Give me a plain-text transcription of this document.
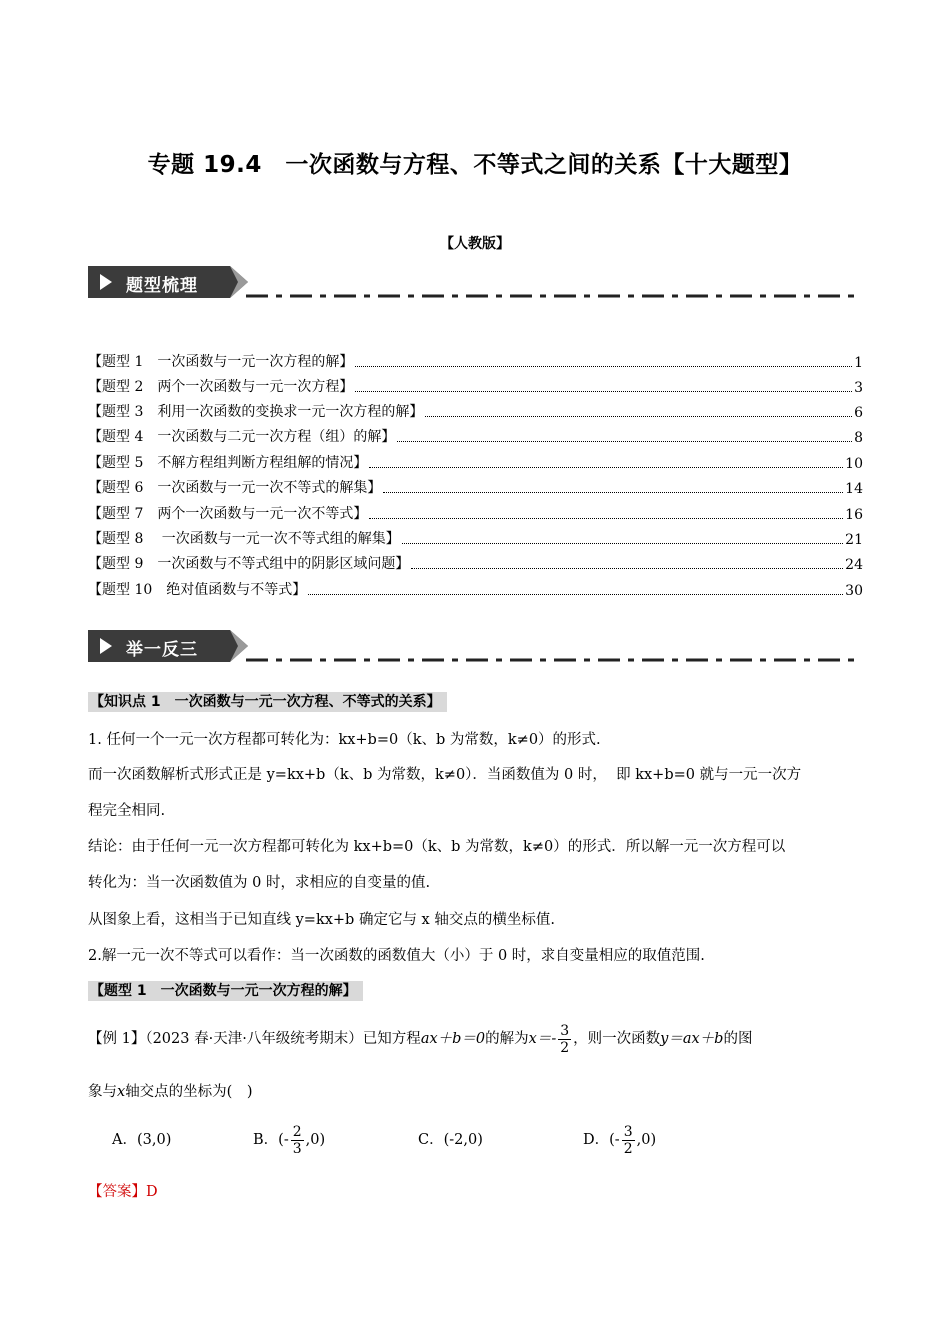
专题 19.4　一次函数与方程、不等式之间的关系【十大题型】
【人教版】
题型梳理
【题型 1　一次函数与一元一次方程的解】	1
【题型 2　两个一次函数与一元一次方程】	3
【题型 3　利用一次函数的变换求一元一次方程的解】	6
【题型 4　一次函数与二元一次方程（组）的解】	8
【题型 5　不解方程组判断方程组解的情况】	10
【题型 6　一次函数与一元一次不等式的解集】	14
【题型 7　两个一次函数与一元一次不等式】	16
【题型 8　 一次函数与一元一次不等式组的解集】	21
【题型 9　一次函数与不等式组中的阴影区域问题】	24
【题型 10　绝对值函数与不等式】	30
举一反三
【知识点 1　一次函数与一元一次方程、不等式的关系】
1. 任何一个一元一次方程都可转化为：kx+b=0（k、b 为常数，k≠0）的形式.
而一次函数解析式形式正是 y=kx+b（k、b 为常数，k≠0）．当函数值为 0 时，  即 kx+b=0 就与一元一次方
程完全相同.
结论：由于任何一元一次方程都可转化为 kx+b=0（k、b 为常数，k≠0）的形式．所以解一元一次方程可以
转化为：当一次函数值为 0 时，求相应的自变量的值.
从图象上看，这相当于已知直线 y=kx+b 确定它与 x 轴交点的横坐标值.
2.解一元一次不等式可以看作：当一次函数的函数值大（小）于 0 时，求自变量相应的取值范围.
【题型 1　一次函数与一元一次方程的解】
【例 1】（2023 春·天津·八年级统考期末）已知方程ax＋b＝0的解为$x=- \frac{3}{2}$ ，则一次函数y＝ax＋b的图
象与x轴交点的坐标为(　)
A．(3,0)	B．(- $\frac{2}{3} ,0$)	C．(-2,0)	D．(- $\frac{3}{2} ,0$)
【答案】D
